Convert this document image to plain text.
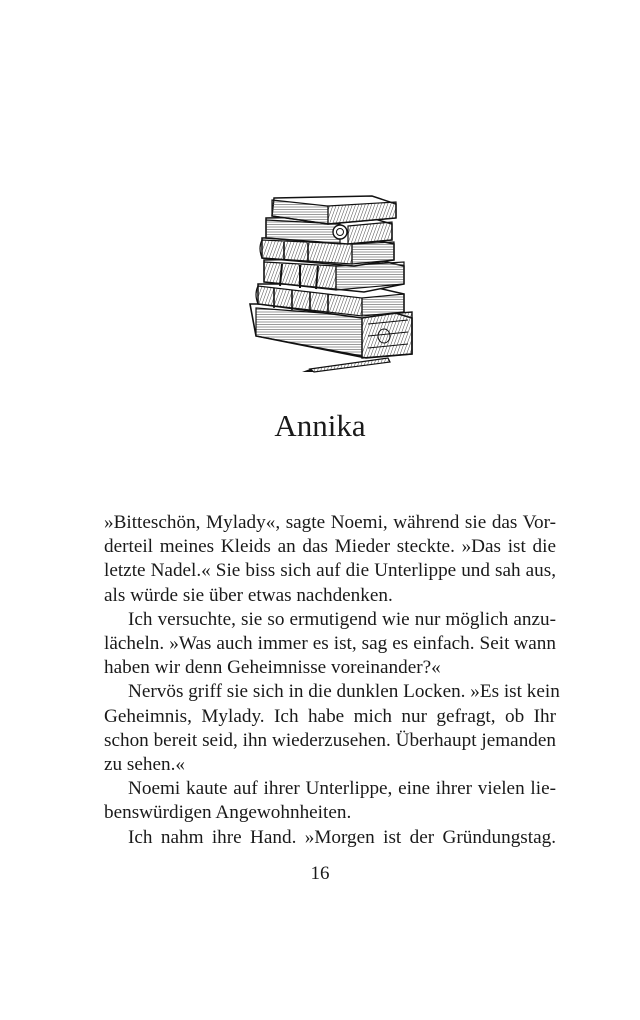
Annika

»Bitteschön, Mylady«, sagte Noemi, während sie das Vor-
derteil meines Kleids an das Mieder steckte. »Das ist die
letzte Nadel.« Sie biss sich auf die Unterlippe und sah aus,
als würde sie über etwas nachdenken.

Ich versuchte, sie so ermutigend wie nur möglich anzu-
lächeln. »Was auch immer es ist, sag es einfach. Seit wann
haben wir denn Geheimnisse voreinander?«

Nervös griff sie sich in die dunklen Locken. »Es ist kein
Geheimnis, Mylady. Ich habe mich nur gefragt, ob Ihr
schon bereit seid, ihn wiederzusehen. Überhaupt jemanden
zu sehen.«

Noemi kaute auf ihrer Unterlippe, eine ihrer vielen lie-
benswürdigen Angewohnheiten.

Ich nahm ihre Hand. »Morgen ist der Gründungstag.

16
